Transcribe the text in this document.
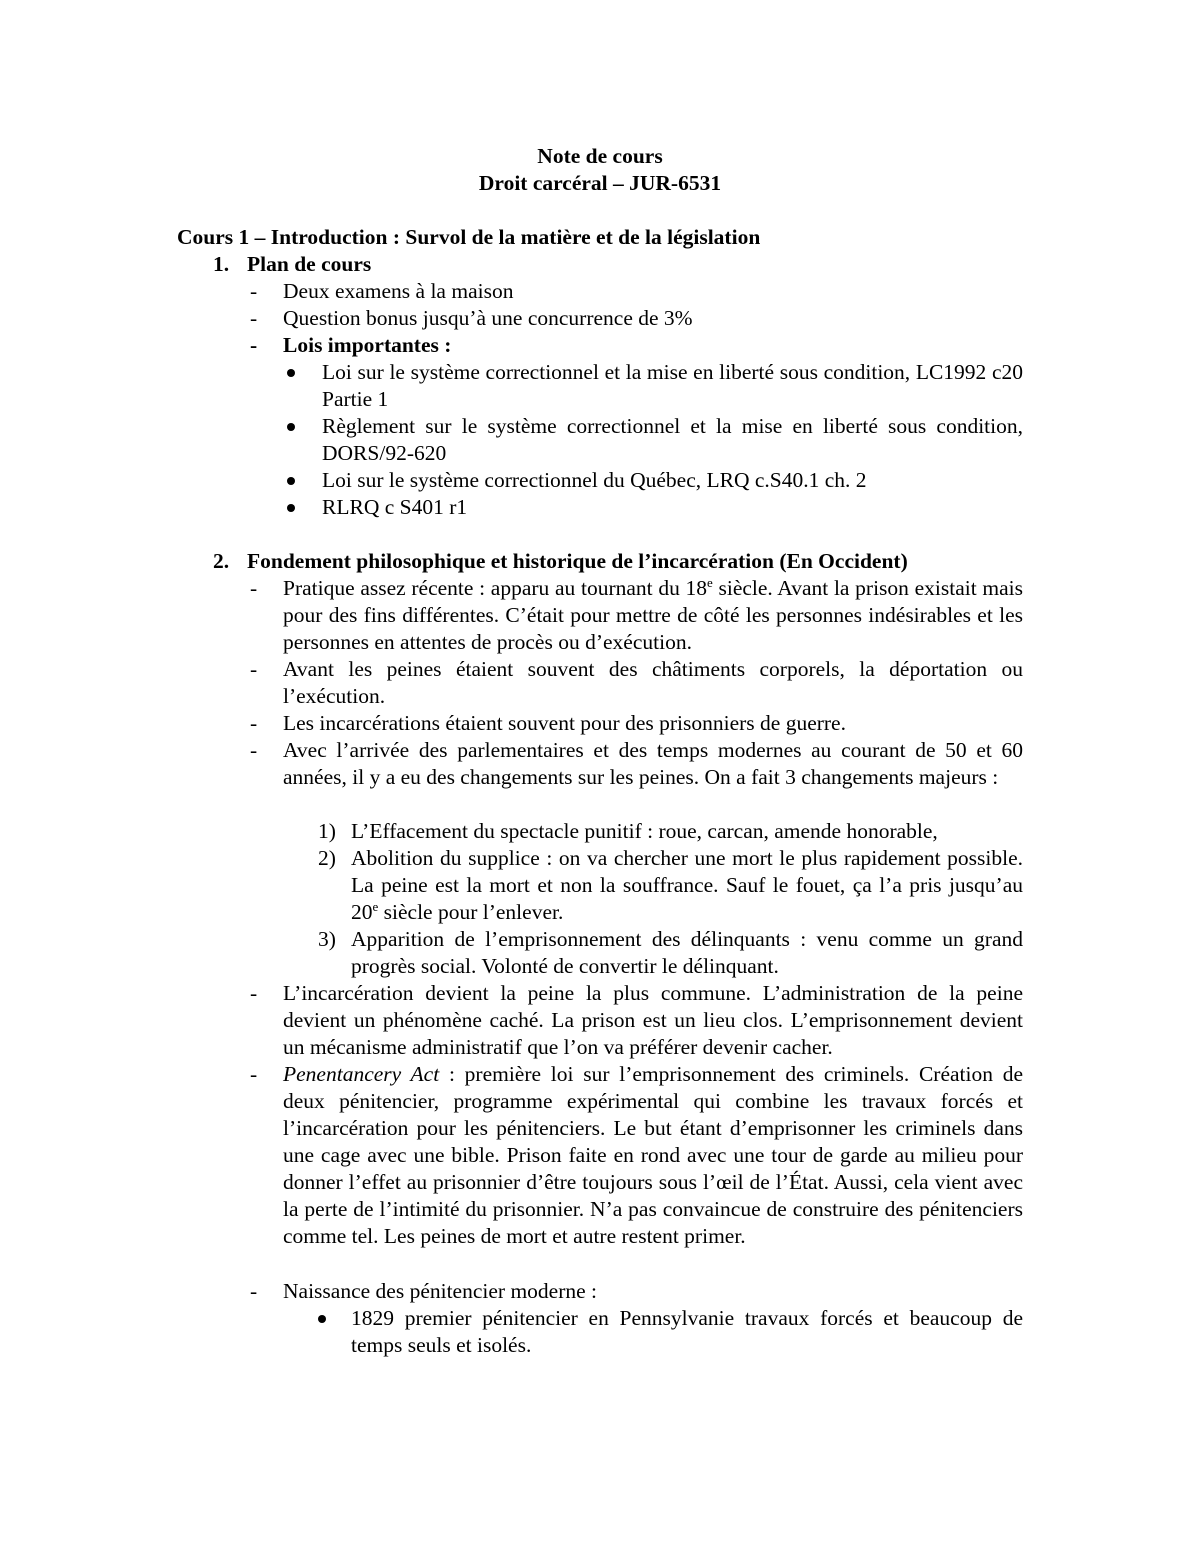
Note de cours
Droit carcéral – JUR-6531
Cours 1 – Introduction : Survol de la matière et de la législation
1. Plan de cours
- Deux examens à la maison
- Question bonus jusqu’à une concurrence de 3%
- Lois importantes :
Loi sur le système correctionnel et la mise en liberté sous condition, LC1992 c20 Partie 1
Règlement sur le système correctionnel et la mise en liberté sous condition, DORS/92-620
Loi sur le système correctionnel du Québec, LRQ c.S40.1 ch. 2
RLRQ c S401 r1
2. Fondement philosophique et historique de l’incarcération (En Occident)
- Pratique assez récente : apparu au tournant du 18e siècle. Avant la prison existait mais pour des fins différentes. C’était pour mettre de côté les personnes indésirables et les personnes en attentes de procès ou d’exécution.
- Avant les peines étaient souvent des châtiments corporels, la déportation ou l’exécution.
- Les incarcérations étaient souvent pour des prisonniers de guerre.
- Avec l’arrivée des parlementaires et des temps modernes au courant de 50 et 60 années, il y a eu des changements sur les peines. On a fait 3 changements majeurs :
1) L’Effacement du spectacle punitif : roue, carcan, amende honorable,
2) Abolition du supplice : on va chercher une mort le plus rapidement possible. La peine est la mort et non la souffrance. Sauf le fouet, ça l’a pris jusqu’au 20e siècle pour l’enlever.
3) Apparition de l’emprisonnement des délinquants : venu comme un grand progrès social. Volonté de convertir le délinquant.
- L’incarcération devient la peine la plus commune. L’administration de la peine devient un phénomène caché. La prison est un lieu clos. L’emprisonnement devient un mécanisme administratif que l’on va préférer devenir cacher.
- Penentancery Act : première loi sur l’emprisonnement des criminels. Création de deux pénitencier, programme expérimental qui combine les travaux forcés et l’incarcération pour les pénitenciers. Le but étant d’emprisonner les criminels dans une cage avec une bible. Prison faite en rond avec une tour de garde au milieu pour donner l’effet au prisonnier d’être toujours sous l’œil de l’État. Aussi, cela vient avec la perte de l’intimité du prisonnier. N’a pas convaincue de construire des pénitenciers comme tel. Les peines de mort et autre restent primer.
- Naissance des pénitencier moderne :
1829 premier pénitencier en Pennsylvanie travaux forcés et beaucoup de temps seuls et isolés.
